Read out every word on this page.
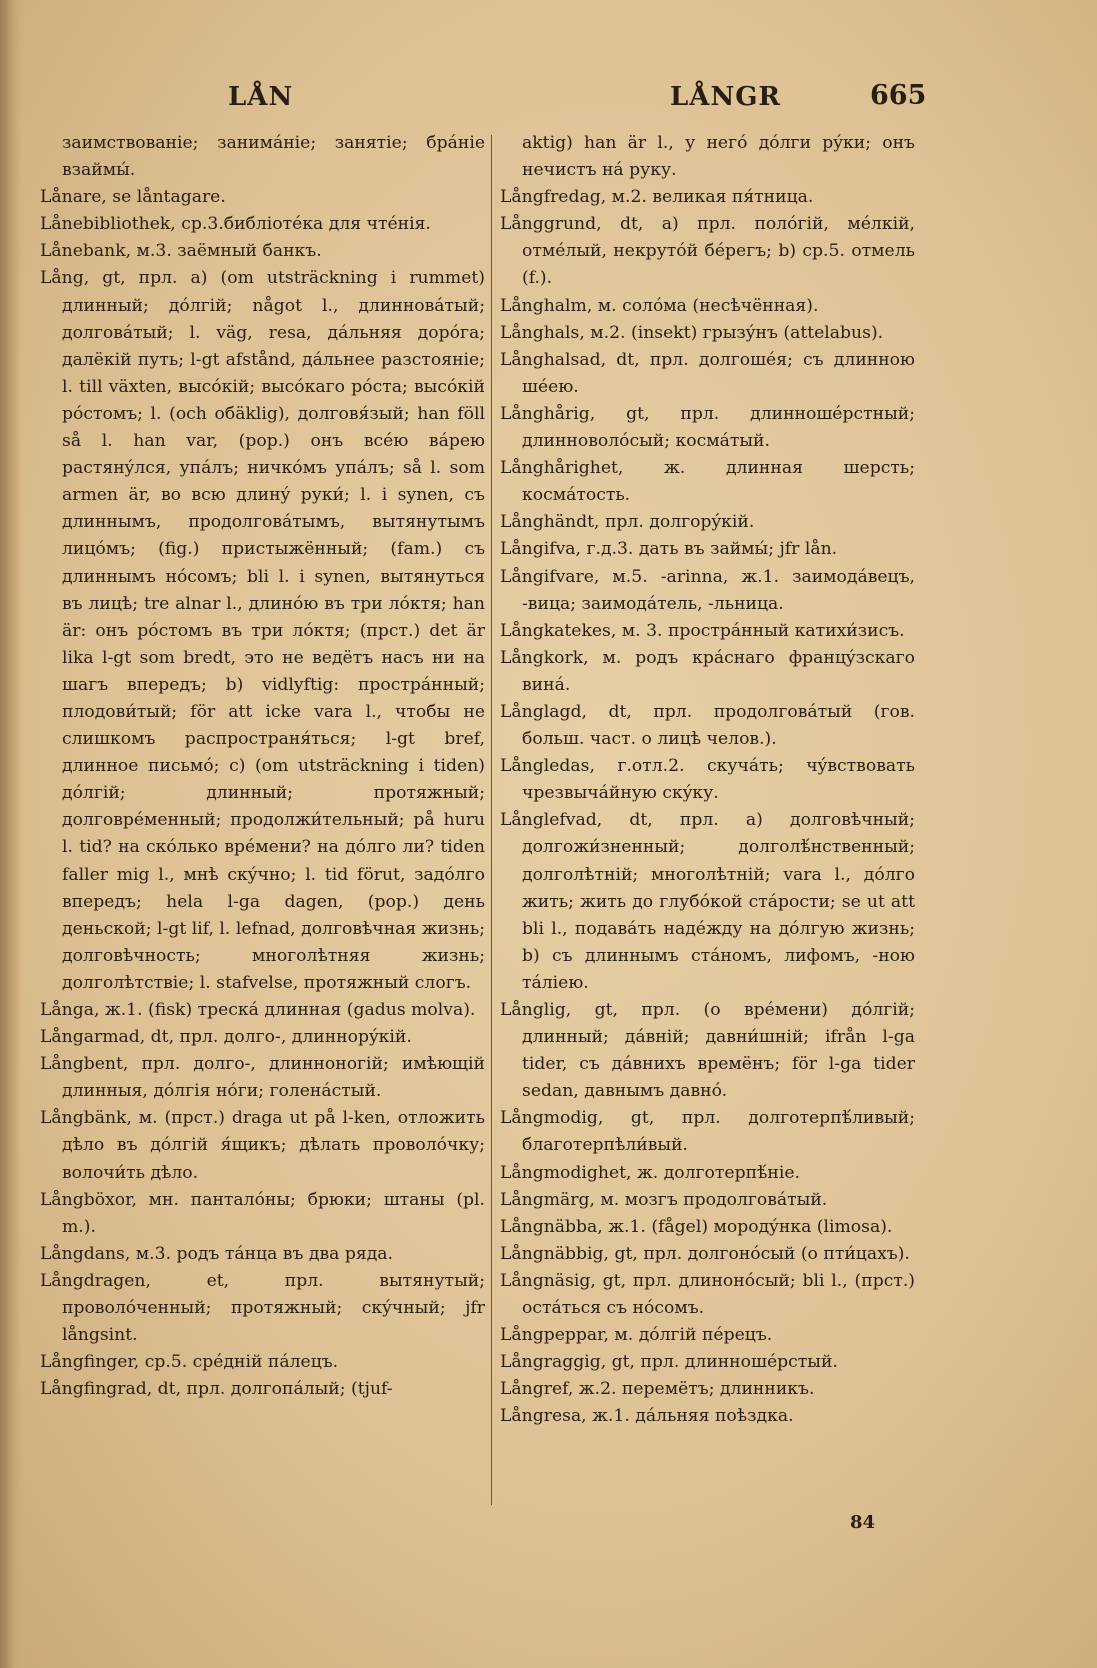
LÅN	LÅNGR	665

заимствованіе; занимáніе; занятіе; брáніе взаймы́.

Lånare, se låntagare.

Lånebibliothek, ср.3.библіотéка для чтéнія.

Lånebank, м.3. заёмный банкъ.

Lång, gt, прл. a) (om utsträckning i rummet) длинный; дóлгій; något l., длинновáтый; долговáтый; l. väg, resa, дáльняя дорóга; далёкій путь; l-gt afstånd, дáльнее разстояніе; l. till växten, высóкій; высóкаго рóста; высóкій рóстомъ; l. (och oбäklig), долговя́зый; han föll så l. han var, (pop.) онъ всéю вáрею растянýлся, упáлъ; ничкóмъ упáлъ; så l. som armen är, во всю длинý руки́; l. i synen, съ длиннымъ, продолговáтымъ, вытянутымъ лицóмъ; (fig.) пристыжённый; (fam.) съ длиннымъ нóсомъ; bli l. i synen, вытянуться въ лицѣ; tre alnar l., длинóю въ три лóктя; han är: онъ рóстомъ въ три лóктя; (прст.) det är lika l-gt som bredt, это не ведётъ насъ ни на шагъ впередъ; b) vidlyftig: прострáнный; плодови́тый; för att icke vara l., чтобы не слишкомъ распространя́ться; l-gt bref, длинное письмó; c) (om utsträckning i tiden) дóлгій; длинный; протяжный; долговрéменный; продолжи́тельный; på huru l. tid? на скóлько врéмени? на дóлго ли? tiden faller mig l., мнѣ скýчно; l. tid förut, задóлго впередъ; hela l-ga dagen, (pop.) день деньской; l-gt lif, l. lefnad, долговѣчная жизнь; долговѣчность; многолѣтняя жизнь; долголѣтствіе; l. stafvelse, протяжный слогъ.

Långa, ж.1. (fisk) трескá длинная (gadus molva).

Långarmad, dt, прл. долго-, длиннорýкій.

Långbent, прл. долго-, длинноногій; имѣющій длинныя, дóлгія нóги; голенáстый.

Långbänk, м. (прст.) draga ut på l-ken, отложить дѣло въ дóлгій я́щикъ; дѣлать проволóчку; волочи́ть дѣло.

Långböxor, мн. панталóны; брюки; штаны (pl. m.).

Långdans, м.3. родъ тáнца въ два ряда.

Långdragen, et, прл. вытянутый; проволóченный; протяжный; скýчный; jfr långsint.

Långfinger, ср.5. срéдній пáлецъ.

Långfingrad, dt, прл. долгопáлый; (tjuf-

aktig) han är l., у негó дóлги рýки; онъ нечистъ нá руку.

Långfredag, м.2. великая пя́тница.

Långgrund, dt, a) прл. полóгій, мéлкій, отмéлый, некрутóй бéрегъ; b) ср.5. отмель (f.).

Långhalm, м. солóма (несѣчённая).

Långhals, м.2. (insekt) грызýнъ (attelabus).

Långhalsad, dt, прл. долгошéя; съ длинною шéею.

Långhårig, gt, прл. длинношéрстный; длинноволóсый; космáтый.

Långhårighet, ж. длинная шерсть; космáтость.

Långhändt, прл. долгорýкій.

Långifva, г.д.3. дать въ займы́; jfr lån.

Långifvare, м.5. -arinna, ж.1. заимодáвецъ, -вица; заимодáтель, -льница.

Långkatekes, м. 3. прострáнный катихи́зисъ.

Långkork, м. родъ крáснаго францýзскаго винá.

Långlagd, dt, прл. продолговáтый (гов. больш. част. о лицѣ челов.).

Långledas, г.отл.2. скучáть; чýвствовать чрезвычáйную скýку.

Långlefvad, dt, прл. a) долговѣчный; долгожи́зненный; долголѣ́нственный; долголѣтній; многолѣтній; vara l., дóлго жить; жить до глубóкой стáрости; se ut att bli l., подавáть надéжду на дóлгую жизнь; b) съ длиннымъ стáномъ, лифомъ, -ною тáліею.

Långlig, gt, прл. (о врéмени) дóлгій; длинный; дáвній; давни́шній; ifrån l-ga tider, съ дáвнихъ времёнъ; för l-ga tider sedan, давнымъ давнó.

Långmodig, gt, прл. долготерпѣ́ливый; благотерпѣли́вый.

Långmodighet, ж. долготерпѣ́ніе.

Långmärg, м. мозгъ продолговáтый.

Långnäbba, ж.1. (fågel) мородýнка (limosa).

Långnäbbig, gt, прл. долгонóсый (о пти́цахъ).

Långnäsig, gt, прл. длинонóсый; bli l., (прст.) остáться съ нóсомъ.

Långpeppar, м. дóлгій пéрецъ.

Långraggig, gt, прл. длинношéрстый.

Långref, ж.2. перемётъ; длинникъ.

Långresa, ж.1. дáльняя поѣздка.

84
